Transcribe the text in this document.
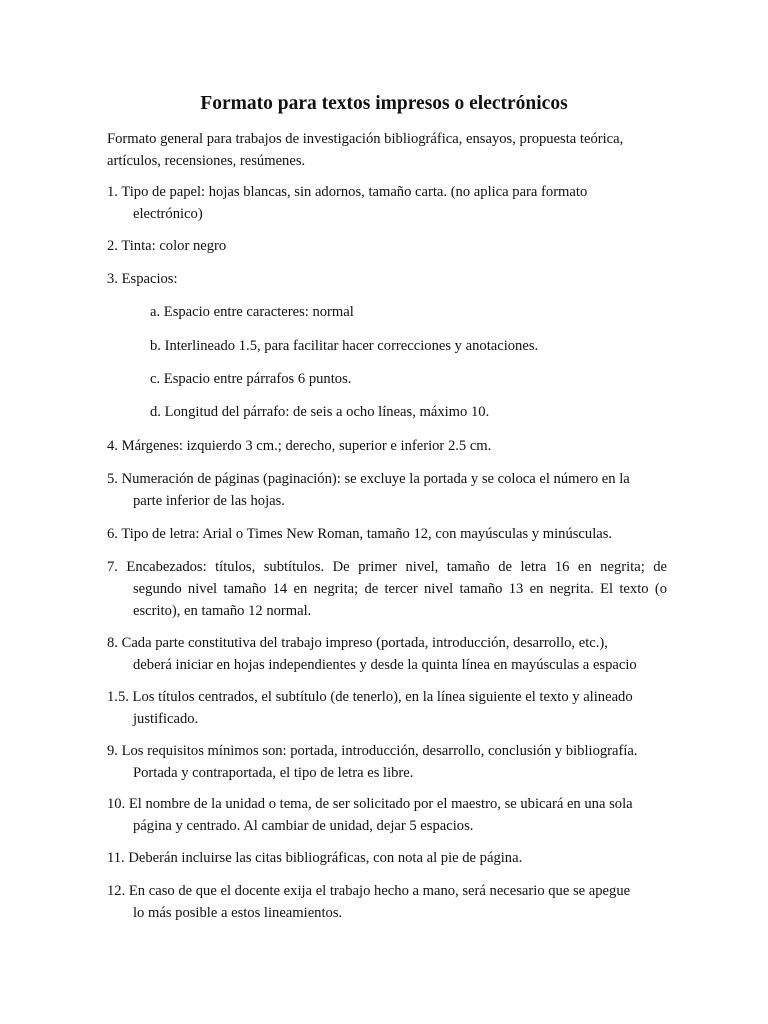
Formato para textos impresos o electrónicos
Formato general para trabajos de investigación bibliográfica, ensayos, propuesta teórica,
artículos, recensiones, resúmenes.
1. Tipo de papel: hojas blancas, sin adornos, tamaño carta. (no aplica para formato
electrónico)
2. Tinta: color negro
3. Espacios:
a. Espacio entre caracteres: normal
b. Interlineado 1.5, para facilitar hacer correcciones y anotaciones.
c. Espacio entre párrafos 6 puntos.
d. Longitud del párrafo: de seis a ocho líneas, máximo 10.
4. Márgenes: izquierdo 3 cm.; derecho, superior e inferior 2.5 cm.
5. Numeración de páginas (paginación): se excluye la portada y se coloca el número en la
parte inferior de las hojas.
6. Tipo de letra: Arial o Times New Roman, tamaño 12, con mayúsculas y minúsculas.
7. Encabezados: títulos, subtítulos. De primer nivel, tamaño de letra 16 en negrita; de
segundo nivel tamaño 14 en negrita; de tercer nivel tamaño 13 en negrita. El texto (o
escrito), en tamaño 12 normal.
8. Cada parte constitutiva del trabajo impreso (portada, introducción, desarrollo, etc.),
deberá iniciar en hojas independientes y desde la quinta línea en mayúsculas a espacio
1.5. Los títulos centrados, el subtítulo (de tenerlo), en la línea siguiente el texto y alineado
justificado.
9. Los requisitos mínimos son: portada, introducción, desarrollo, conclusión y bibliografía.
Portada y contraportada, el tipo de letra es libre.
10. El nombre de la unidad o tema, de ser solicitado por el maestro, se ubicará en una sola
página y centrado. Al cambiar de unidad, dejar 5 espacios.
11. Deberán incluirse las citas bibliográficas, con nota al pie de página.
12. En caso de que el docente exija el trabajo hecho a mano, será necesario que se apegue
lo más posible a estos lineamientos.
